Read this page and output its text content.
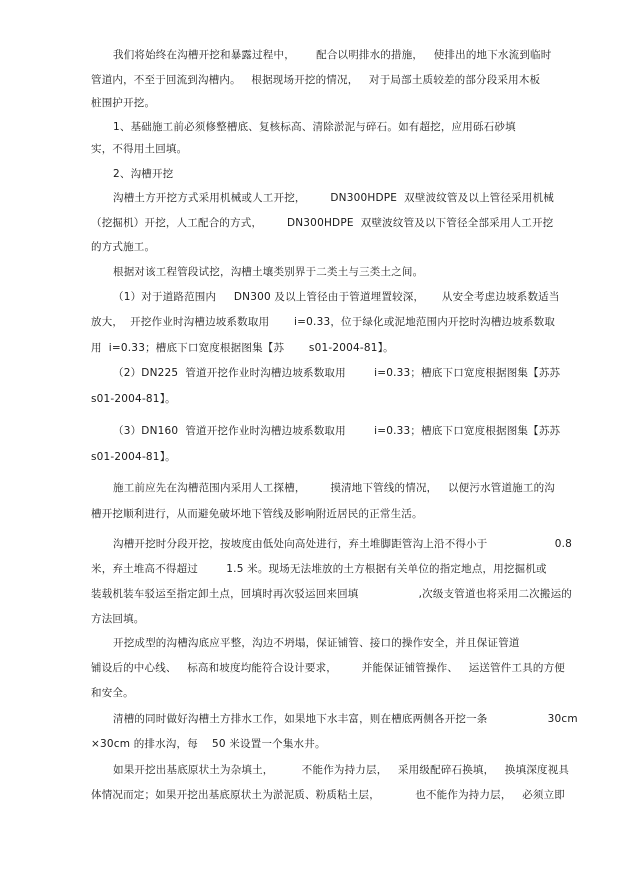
我们将始终在沟槽开挖和暴露过程中，      配合以明排水的措施，   使排出的地下水流到临时
管道内，不至于回流到沟槽内。   根据现场开挖的情况，   对于局部土质较差的部分段采用木板
桩围护开挖。
1、基础施工前必须修整槽底、复核标高、清除淤泥与碎石。如有超挖，应用砾石砂填
实，不得用土回填。
2、沟槽开挖
沟槽土方开挖方式采用机械或人工开挖，       DN300HDPE  双壁波纹管及以上管径采用机械
（挖掘机）开挖，人工配合的方式，       DN300HDPE  双壁波纹管及以下管径全部采用人工开挖
的方式施工。
根据对该工程管段试挖，沟槽土壤类别界于二类土与三类土之间。
（1）对于道路范围内     DN300 及以上管径由于管道埋置较深，     从安全考虑边坡系数适当
放大，  开挖作业时沟槽边坡系数取用       i=0.33，位于绿化或泥地范围内开挖时沟槽边坡系数取
用  i=0.33；槽底下口宽度根据图集【苏       s01-2004-81】。
（2）DN225  管道开挖作业时沟槽边坡系数取用        i=0.33；槽底下口宽度根据图集【苏苏
s01-2004-81】。
（3）DN160  管道开挖作业时沟槽边坡系数取用        i=0.33；槽底下口宽度根据图集【苏苏
s01-2004-81】。
施工前应先在沟槽范围内采用人工探槽，       摸清地下管线的情况，   以便污水管道施工的沟
槽开挖顺利进行，从而避免破坏地下管线及影响附近居民的正常生活。
沟槽开挖时分段开挖，按坡度由低处向高处进行，弃土堆脚距管沟上沿不得小于                   0.8
米，弃土堆高不得超过        1.5 米。现场无法堆放的土方根据有关单位的指定地点，用挖掘机或
装载机装车驳运至指定卸土点，回填时再次驳运回来回填                 ,次级支管道也将采用二次搬运的
方法回填。
开挖成型的沟槽沟底应平整，沟边不坍塌，保证铺管、接口的操作安全，并且保证管道
铺设后的中心线、   标高和坡度均能符合设计要求，       并能保证铺管操作、   运送管件工具的方便
和安全。
清槽的同时做好沟槽土方排水工作，如果地下水丰富，则在槽底两侧各开挖一条                 30cm
×30cm 的排水沟，每    50 米设置一个集水井。
如果开挖出基底原状土为杂填土，        不能作为持力层，   采用级配碎石换填，   换填深度视具
体情况而定；如果开挖出基底原状土为淤泥质、粉质粘土层，          也不能作为持力层，   必须立即
